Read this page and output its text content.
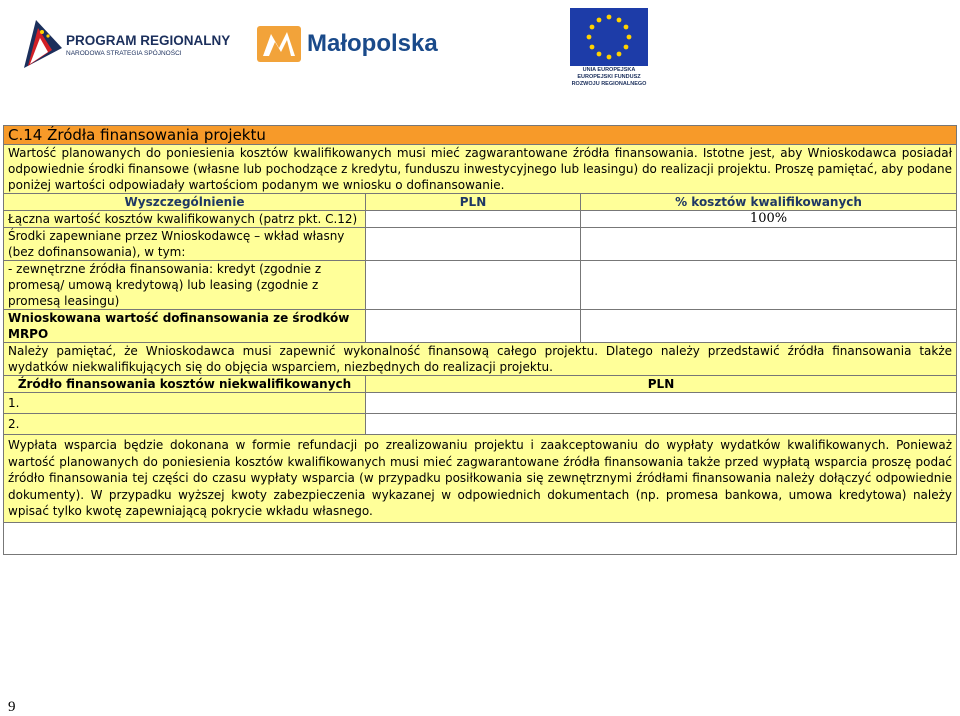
PROGRAM REGIONALNY
NARODOWA STRATEGIA SPÓJNOŚCI	Małopolska
UNIA EUROPEJSKA
EUROPEJSKI FUNDUSZ
ROZWOJU REGIONALNEGO
C.14 Źródła finansowania projektu		
Wartość planowanych do poniesienia kosztów kwalifikowanych musi mieć zagwarantowane źródła finansowania. Istotne jest, aby Wnioskodawca posiadał odpowiednie środki finansowe (własne lub pochodzące z kredytu, funduszu inwestycyjnego lub leasingu) do realizacji projektu. Proszę pamiętać, aby podane poniżej wartości odpowiadały wartościom podanym we wniosku o dofinansowanie.		
Wyszczególnienie	PLN	% kosztów kwalifikowanych
Łączna wartość kosztów kwalifikowanych (patrz pkt. C.12)		100%
Środki zapewniane przez Wnioskodawcę – wkład własny (bez dofinansowania), w tym:		
- zewnętrzne źródła finansowania: kredyt (zgodnie z promesą/ umową kredytową) lub leasing (zgodnie z promesą leasingu)		
Wnioskowana wartość dofinansowania ze środków MRPO		
Należy pamiętać, że Wnioskodawca musi zapewnić wykonalność finansową całego projektu. Dlatego należy przedstawić źródła finansowania także wydatków niekwalifikujących się do objęcia wsparciem, niezbędnych do realizacji projektu.		
Źródło finansowania kosztów niekwalifikowanych	PLN	
1.		
2.		
Wypłata wsparcia będzie dokonana w formie refundacji po zrealizowaniu projektu i zaakceptowaniu do wypłaty wydatków kwalifikowanych. Ponieważ wartość planowanych do poniesienia kosztów kwalifikowanych musi mieć zagwarantowane źródła finansowania także przed wypłatą wsparcia proszę podać źródło finansowania tej części do czasu wypłaty wsparcia (w przypadku posiłkowania się zewnętrznymi źródłami finansowania należy dołączyć odpowiednie dokumenty). W przypadku wyższej kwoty zabezpieczenia wykazanej w odpowiednich dokumentach (np. promesa bankowa, umowa kredytowa) należy wpisać tylko kwotę zapewniającą pokrycie wkładu własnego.		

9
